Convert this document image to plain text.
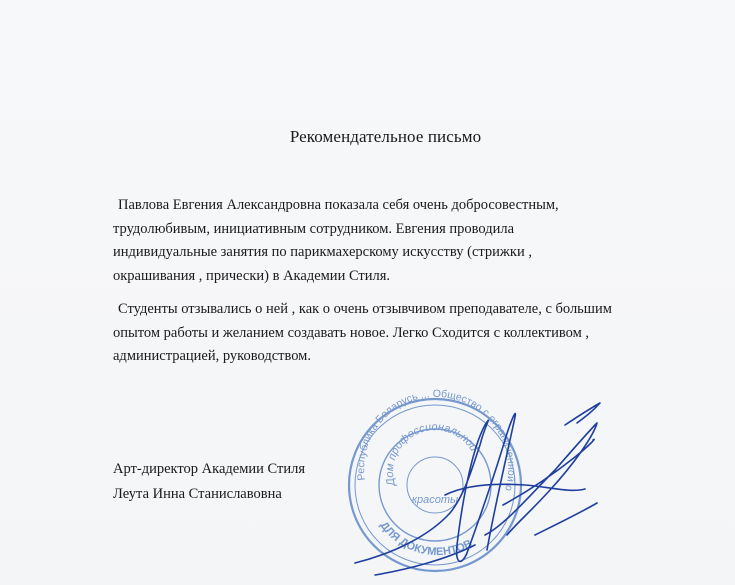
Рекомендательное письмо
Павлова Евгения Александровна показала себя очень добросовестным, трудолюбивым, инициативным сотрудником. Евгения проводила индивидуальные занятия по парикмахерскому искусству (стрижки , окрашивания , прически) в Академии Стиля.
Студенты отзывались о ней , как о очень отзывчивом преподавателе, с большим опытом работы и желанием создавать новое. Легко Сходится с коллективом , администрацией, руководством.
Арт-директор Академии Стиля
Леута Инна Станиславовна
Республика Беларусь ... Общество с ограниченной о
Дом профессиональной
красоты
ДЛЯ ДОКУМЕНТОВ
